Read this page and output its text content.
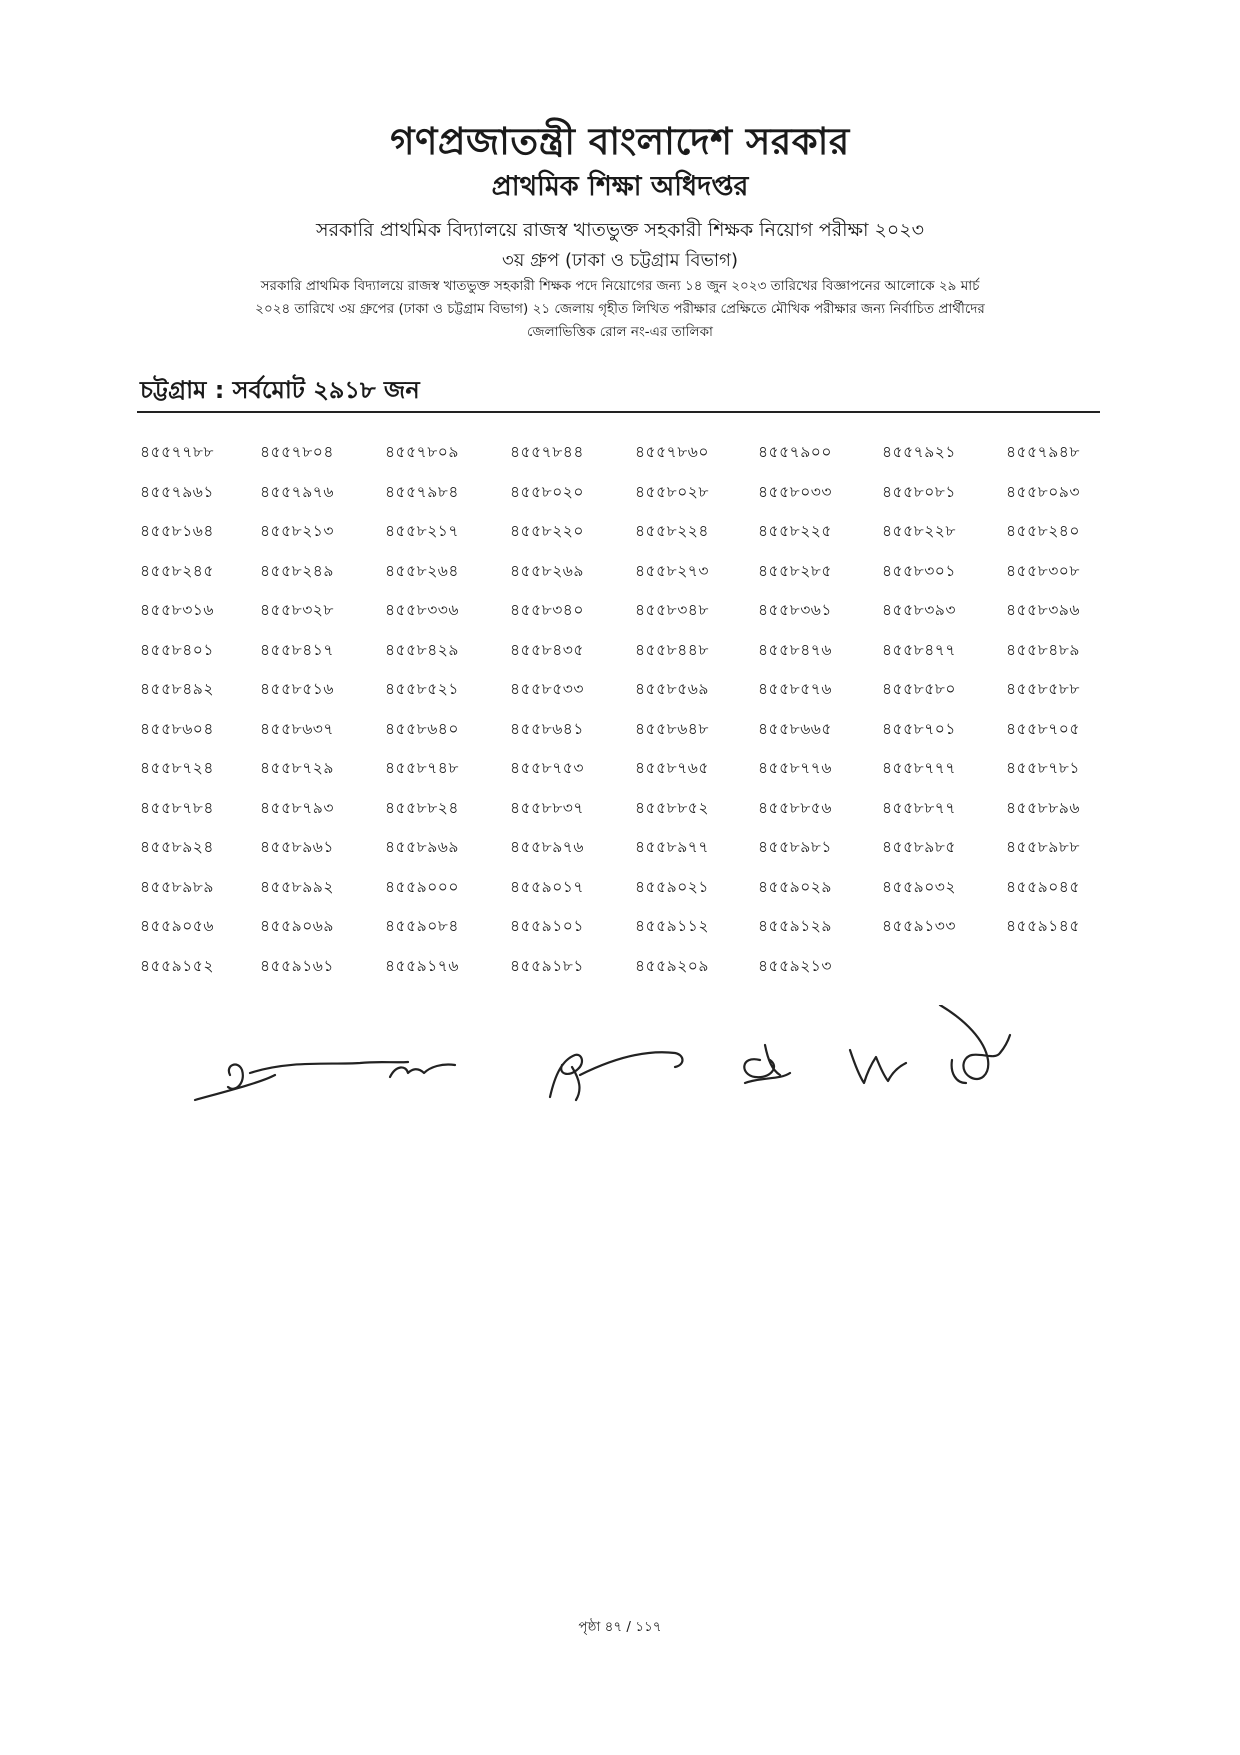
গণপ্রজাতন্ত্রী বাংলাদেশ সরকার
প্রাথমিক শিক্ষা অধিদপ্তর
সরকারি প্রাথমিক বিদ্যালয়ে রাজস্ব খাতভুক্ত সহকারী শিক্ষক নিয়োগ পরীক্ষা ২০২৩
৩য় গ্রুপ (ঢাকা ও চট্টগ্রাম বিভাগ)
সরকারি প্রাথমিক বিদ্যালয়ে রাজস্ব খাতভুক্ত সহকারী শিক্ষক পদে নিয়োগের জন্য ১৪ জুন ২০২৩ তারিখের বিজ্ঞাপনের আলোকে ২৯ মার্চ
২০২৪ তারিখে ৩য় গ্রুপের (ঢাকা ও চট্টগ্রাম বিভাগ) ২১ জেলায় গৃহীত লিখিত পরীক্ষার প্রেক্ষিতে মৌখিক পরীক্ষার জন্য নির্বাচিত প্রার্থীদের
জেলাভিত্তিক রোল নং-এর তালিকা
চট্টগ্রাম : সর্বমোট ২৯১৮ জন
৪৫৫৭৭৮৮	৪৫৫৭৮০৪	৪৫৫৭৮০৯	৪৫৫৭৮৪৪	৪৫৫৭৮৬০	৪৫৫৭৯০০	৪৫৫৭৯২১	৪৫৫৭৯৪৮
৪৫৫৭৯৬১	৪৫৫৭৯৭৬	৪৫৫৭৯৮৪	৪৫৫৮০২০	৪৫৫৮০২৮	৪৫৫৮০৩৩	৪৫৫৮০৮১	৪৫৫৮০৯৩
৪৫৫৮১৬৪	৪৫৫৮২১৩	৪৫৫৮২১৭	৪৫৫৮২২০	৪৫৫৮২২৪	৪৫৫৮২২৫	৪৫৫৮২২৮	৪৫৫৮২৪০
৪৫৫৮২৪৫	৪৫৫৮২৪৯	৪৫৫৮২৬৪	৪৫৫৮২৬৯	৪৫৫৮২৭৩	৪৫৫৮২৮৫	৪৫৫৮৩০১	৪৫৫৮৩০৮
৪৫৫৮৩১৬	৪৫৫৮৩২৮	৪৫৫৮৩৩৬	৪৫৫৮৩৪০	৪৫৫৮৩৪৮	৪৫৫৮৩৬১	৪৫৫৮৩৯৩	৪৫৫৮৩৯৬
৪৫৫৮৪০১	৪৫৫৮৪১৭	৪৫৫৮৪২৯	৪৫৫৮৪৩৫	৪৫৫৮৪৪৮	৪৫৫৮৪৭৬	৪৫৫৮৪৭৭	৪৫৫৮৪৮৯
৪৫৫৮৪৯২	৪৫৫৮৫১৬	৪৫৫৮৫২১	৪৫৫৮৫৩৩	৪৫৫৮৫৬৯	৪৫৫৮৫৭৬	৪৫৫৮৫৮০	৪৫৫৮৫৮৮
৪৫৫৮৬০৪	৪৫৫৮৬৩৭	৪৫৫৮৬৪০	৪৫৫৮৬৪১	৪৫৫৮৬৪৮	৪৫৫৮৬৬৫	৪৫৫৮৭০১	৪৫৫৮৭০৫
৪৫৫৮৭২৪	৪৫৫৮৭২৯	৪৫৫৮৭৪৮	৪৫৫৮৭৫৩	৪৫৫৮৭৬৫	৪৫৫৮৭৭৬	৪৫৫৮৭৭৭	৪৫৫৮৭৮১
৪৫৫৮৭৮৪	৪৫৫৮৭৯৩	৪৫৫৮৮২৪	৪৫৫৮৮৩৭	৪৫৫৮৮৫২	৪৫৫৮৮৫৬	৪৫৫৮৮৭৭	৪৫৫৮৮৯৬
৪৫৫৮৯২৪	৪৫৫৮৯৬১	৪৫৫৮৯৬৯	৪৫৫৮৯৭৬	৪৫৫৮৯৭৭	৪৫৫৮৯৮১	৪৫৫৮৯৮৫	৪৫৫৮৯৮৮
৪৫৫৮৯৮৯	৪৫৫৮৯৯২	৪৫৫৯০০০	৪৫৫৯০১৭	৪৫৫৯০২১	৪৫৫৯০২৯	৪৫৫৯০৩২	৪৫৫৯০৪৫
৪৫৫৯০৫৬	৪৫৫৯০৬৯	৪৫৫৯০৮৪	৪৫৫৯১০১	৪৫৫৯১১২	৪৫৫৯১২৯	৪৫৫৯১৩৩	৪৫৫৯১৪৫
৪৫৫৯১৫২	৪৫৫৯১৬১	৪৫৫৯১৭৬	৪৫৫৯১৮১	৪৫৫৯২০৯	৪৫৫৯২১৩
পৃষ্ঠা ৪৭ / ১১৭
